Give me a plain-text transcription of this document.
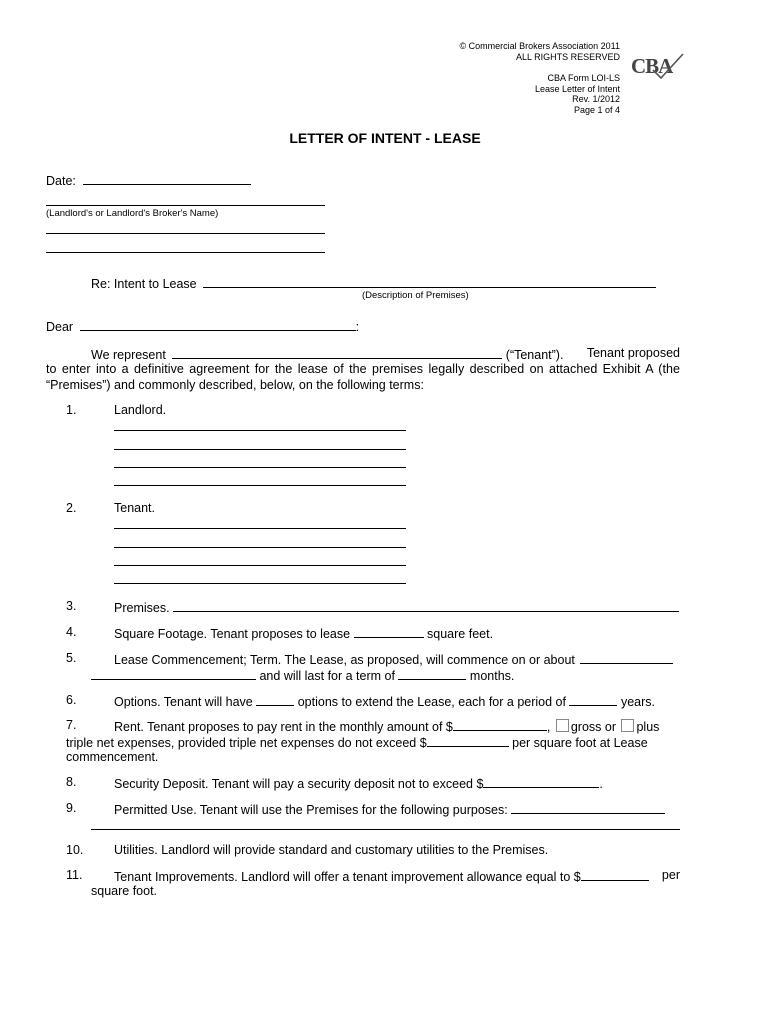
© Commercial Brokers Association 2011
ALL RIGHTS RESERVED
CBA Form LOI-LS
Lease Letter of Intent
Rev. 1/2012
Page 1 of 4
CBA
LETTER OF INTENT - LEASE
Date:
(Landlord's or Landlord's Broker's Name)
Re: Intent to Lease
(Description of Premises)
Dear	:
We represent	(“Tenant”). Tenant proposed
to enter into a definitive agreement for the lease of the premises legally described on attached Exhibit A (the
“Premises”) and commonly described, below, on the following terms:
1.	Landlord.
2.	Tenant.
3.	Premises.
4.	Square Footage. Tenant proposes to lease	square feet.
5.	Lease Commencement; Term. The Lease, as proposed, will commence on or about
and will last for a term of	months.
6.	Options. Tenant will have	options to extend the Lease, each for a period of	years.
7.	Rent. Tenant proposes to pay rent in the monthly amount of $	, gross or plus
triple net expenses, provided triple net expenses do not exceed $	per square foot at Lease
commencement.
8.	Security Deposit. Tenant will pay a security deposit not to exceed $	.
9.	Permitted Use. Tenant will use the Premises for the following purposes:
10. Utilities. Landlord will provide standard and customary utilities to the Premises.
11.	Tenant Improvements. Landlord will offer a tenant improvement allowance equal to $	per
square foot.
